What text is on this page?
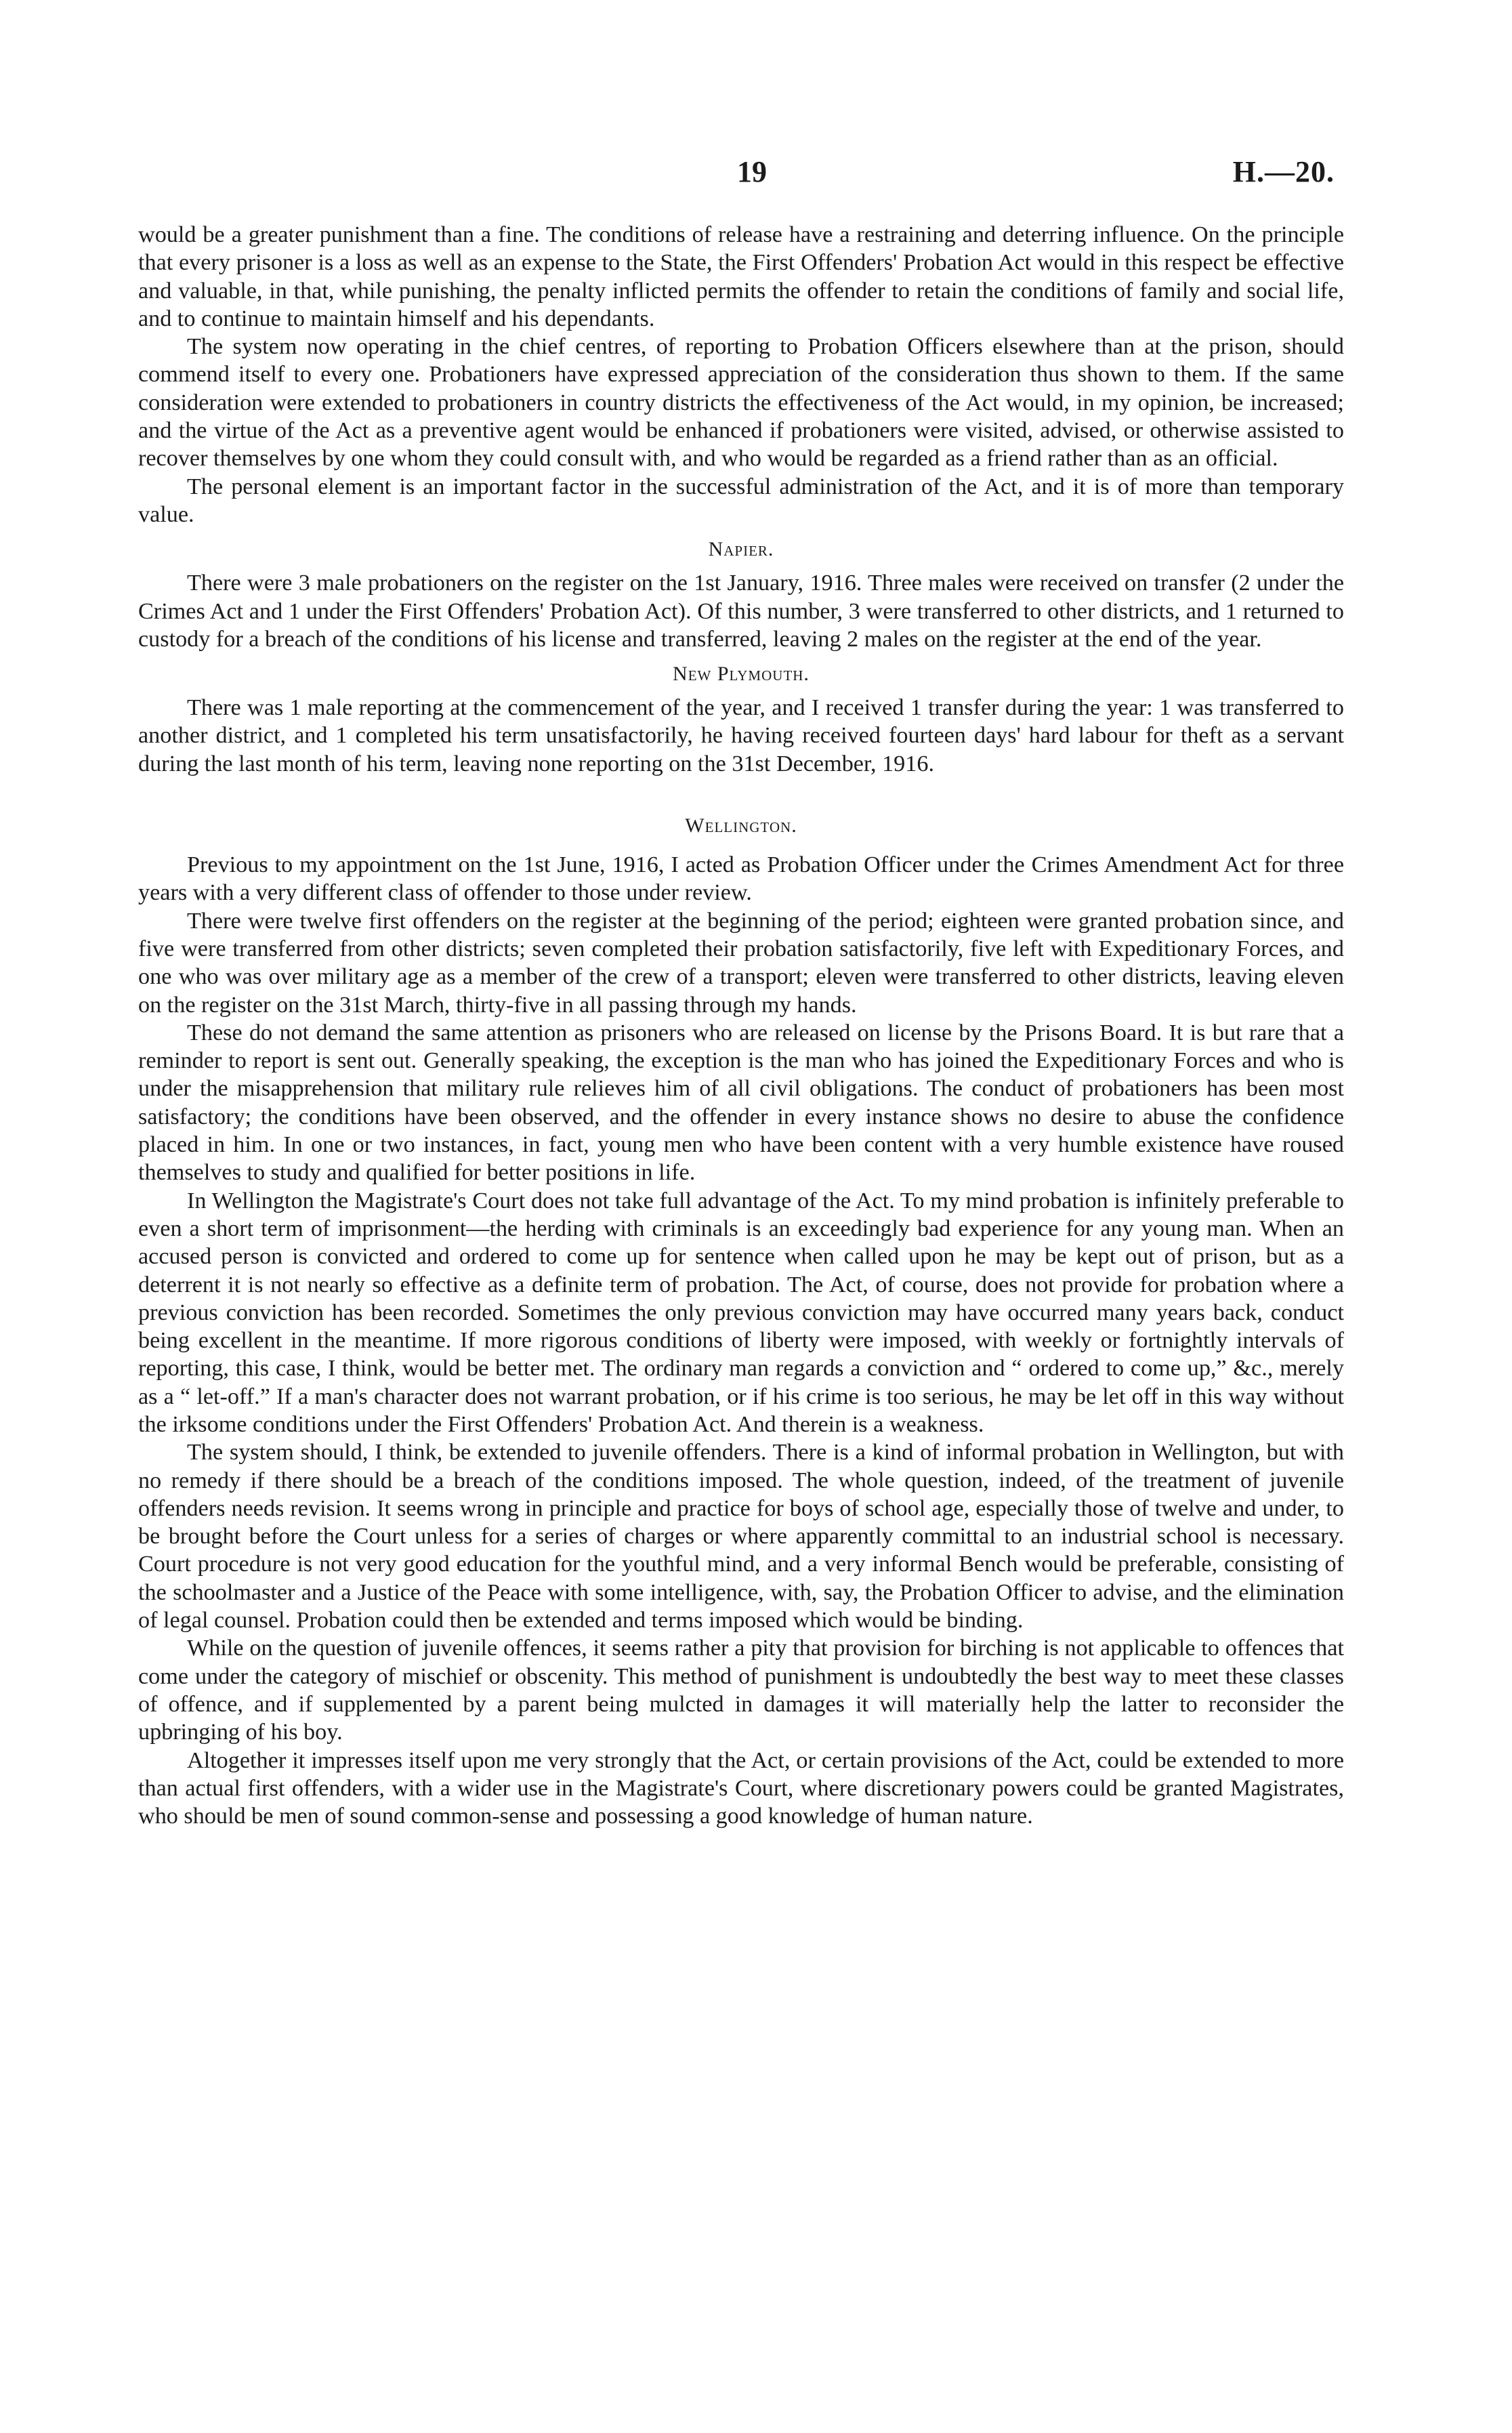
19	H.—20.

would be a greater punishment than a fine. The conditions of release have a restraining and deterring influence. On the principle that every prisoner is a loss as well as an expense to the State, the First Offenders' Probation Act would in this respect be effective and valuable, in that, while punishing, the penalty inflicted permits the offender to retain the conditions of family and social life, and to continue to maintain himself and his dependants.

The system now operating in the chief centres, of reporting to Probation Officers elsewhere than at the prison, should commend itself to every one. Probationers have expressed appreciation of the consideration thus shown to them. If the same consideration were extended to probationers in country districts the effectiveness of the Act would, in my opinion, be increased; and the virtue of the Act as a preventive agent would be enhanced if probationers were visited, advised, or otherwise assisted to recover themselves by one whom they could consult with, and who would be regarded as a friend rather than as an official.

The personal element is an important factor in the successful administration of the Act, and it is of more than temporary value.

Napier.

There were 3 male probationers on the register on the 1st January, 1916. Three males were received on transfer (2 under the Crimes Act and 1 under the First Offenders' Probation Act). Of this number, 3 were transferred to other districts, and 1 returned to custody for a breach of the conditions of his license and transferred, leaving 2 males on the register at the end of the year.

New Plymouth.

There was 1 male reporting at the commencement of the year, and I received 1 transfer during the year: 1 was transferred to another district, and 1 completed his term unsatisfactorily, he having received fourteen days' hard labour for theft as a servant during the last month of his term, leaving none reporting on the 31st December, 1916.

Wellington.

Previous to my appointment on the 1st June, 1916, I acted as Probation Officer under the Crimes Amendment Act for three years with a very different class of offender to those under review.

There were twelve first offenders on the register at the beginning of the period; eighteen were granted probation since, and five were transferred from other districts; seven completed their probation satisfactorily, five left with Expeditionary Forces, and one who was over military age as a member of the crew of a transport; eleven were transferred to other districts, leaving eleven on the register on the 31st March, thirty-five in all passing through my hands.

These do not demand the same attention as prisoners who are released on license by the Prisons Board. It is but rare that a reminder to report is sent out. Generally speaking, the exception is the man who has joined the Expeditionary Forces and who is under the misapprehension that military rule relieves him of all civil obligations. The conduct of probationers has been most satisfactory; the conditions have been observed, and the offender in every instance shows no desire to abuse the confidence placed in him. In one or two instances, in fact, young men who have been content with a very humble existence have roused themselves to study and qualified for better positions in life.

In Wellington the Magistrate's Court does not take full advantage of the Act. To my mind probation is infinitely preferable to even a short term of imprisonment—the herding with criminals is an exceedingly bad experience for any young man. When an accused person is convicted and ordered to come up for sentence when called upon he may be kept out of prison, but as a deterrent it is not nearly so effective as a definite term of probation. The Act, of course, does not provide for probation where a previous conviction has been recorded. Sometimes the only previous conviction may have occurred many years back, conduct being excellent in the meantime. If more rigorous conditions of liberty were imposed, with weekly or fortnightly intervals of reporting, this case, I think, would be better met. The ordinary man regards a conviction and “ ordered to come up,” &c., merely as a “ let-off.” If a man's character does not warrant probation, or if his crime is too serious, he may be let off in this way without the irksome conditions under the First Offenders' Probation Act. And therein is a weakness.

The system should, I think, be extended to juvenile offenders. There is a kind of informal probation in Wellington, but with no remedy if there should be a breach of the conditions imposed. The whole question, indeed, of the treatment of juvenile offenders needs revision. It seems wrong in principle and practice for boys of school age, especially those of twelve and under, to be brought before the Court unless for a series of charges or where apparently committal to an industrial school is necessary. Court procedure is not very good education for the youthful mind, and a very informal Bench would be preferable, consisting of the schoolmaster and a Justice of the Peace with some intelligence, with, say, the Probation Officer to advise, and the elimination of legal counsel. Probation could then be extended and terms imposed which would be binding.

While on the question of juvenile offences, it seems rather a pity that provision for birching is not applicable to offences that come under the category of mischief or obscenity. This method of punishment is undoubtedly the best way to meet these classes of offence, and if supplemented by a parent being mulcted in damages it will materially help the latter to reconsider the upbringing of his boy.

Altogether it impresses itself upon me very strongly that the Act, or certain provisions of the Act, could be extended to more than actual first offenders, with a wider use in the Magistrate's Court, where discretionary powers could be granted Magistrates, who should be men of sound common-sense and possessing a good knowledge of human nature.
